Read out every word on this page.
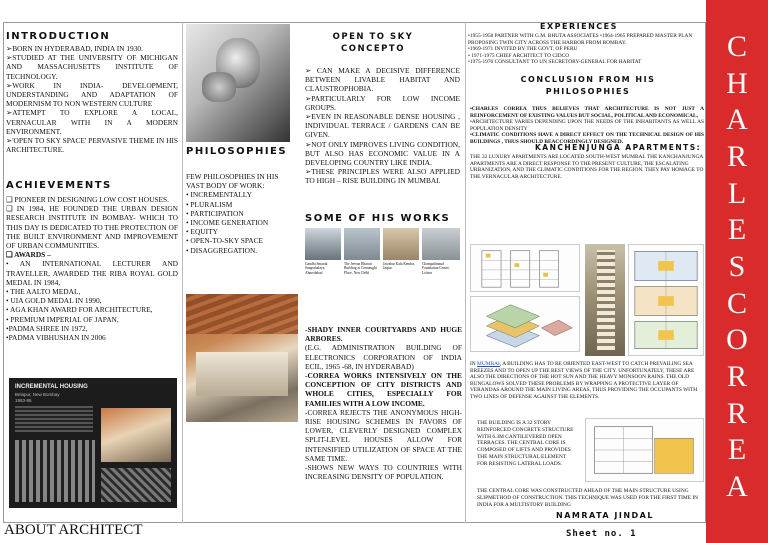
INTRODUCTION
➢BORN IN HYDERABAD, INDIA IN 1930.
➢STUDIED AT THE UNIVERSITY OF MICHIGAN AND MASSACHUSETTS INSTITUTE OF TECHNOLOGY.
➢WORK IN INDIA- DEVELOPMENT, UNDERSTANDING AND ADAPTATION OF MODERNISM TO NON WESTERN CULTURE
➢ATTEMPT TO EXPLORE A LOCAL, VERNACULAR WITH IN A MODERN ENVIRONMENT.
➢'OPEN TO SKY SPACE' PERVASIVE THEME IN HIS ARCHITECTURE.
ACHIEVEMENTS
❑ PIONEER IN DESIGNING LOW COST HOUSES.
❑ IN 1984, HE FOUNDED THE URBAN DESIGN RESEARCH INSTITUTE IN BOMBAY- WHICH TO THIS DAY IS DEDICATED TO THE PROTECTION OF THE BUILT ENVIRONMENT AND IMPROVEMENT OF URBAN COMMUNITIES.
❑ AWARDS –
• AN INTERNATIONAL LECTURER AND TRAVELLER, AWARDED THE RIBA ROYAL GOLD MEDAL IN 1984,
• THE AALTO MEDAL,
• UIA GOLD MEDAL IN 1990,
• AGA KHAN AWARD FOR ARCHITECTURE,
• PREMIUM IMPERIAL OF JAPAN,
•PADMA SHREE IN 1972,
•PADMA VIBHUSHAN IN 2006
INCREMENTAL HOUSING
Belapur, New Bombay
1983-86
ABOUT ARCHITECT
PHILOSOPHIES
FEW PHILOSOPHIES IN HIS VAST BODY OF WORK:
• INCREMENTALLY
• PLURALISM
• PARTICIPATION
• INCOME GENERATION
• EQUITY
• OPEN-TO-SKY SPACE
• DISAGGREGATION.
OPEN TO SKY CONCEPTO
➢ CAN MAKE A DECISIVE DIFFERENCE BETWEEN LIVABLE HABITAT AND CLAUSTROPHOBIA.
➢PARTICULARLY FOR LOW INCOME GROUPS.
➢EVEN IN REASONABLE DENSE HOUSING , INDIVIDUAL TERRACE / GARDENS CAN BE GIVEN.
➢NOT ONLY IMPROVES LIVING CONDITION, BUT ALSO HAS ECONOMIC VALUE IN A DEVELOPING COUNTRY LIKE INDIA.
➢THESE PRINCIPLES WERE ALSO APPLIED TO HIGH – RISE BUILDING IN MUMBAI.
SOME OF HIS WORKS
Gandhi Smarak Sangrahalaya, Ahmedabad
The Jeevan Bharati Building at Connaught Place, New Delhi
Jawahar Kala Kendra, Jaipur
Champalimaud Foundation Centre, Lisbon
-SHADY INNER COURTYARDS AND HUGE ARBORES.
(E.G. ADMINISTRATION BUILDING OF ELECTRONICS CORPORATION OF INDIA ECIL, 1965 -68, IN HYDERABAD)
-CORREA WORKS INTENSIVELY ON THE CONCEPTION OF CITY DISTRICTS AND WHOLE CITIES, ESPECIALLY FOR FAMILIES WITH A LOW INCOME.
-CORREA REJECTS THE ANONYMOUS HIGH-RISE HOUSING SCHEMES IN FAVORS OF LOWER, CLEVERLY DESIGNED COMPLEX SPLIT-LEVEL HOUSES ALLOW FOR INTENSIFIED UTILIZATION OF SPACE AT THE SAME TIME.
-SHOWS NEW WAYS TO COUNTRIES WITH INCREASING DENSITY OF POPULATION.
EXPERIENCES
•1955-1958 PARTNER WITH G.M. BHUTA ASSOCIATES •1964-1965 PREPARED MASTER PLAN PROPOSING TWIN CITY ACROSS THE HARBOR FROM BOMBAY.
•1969-1971 INVITED BY THE GOVT. OF PERU
• 1971-1975 CHIEF ARCHITECT TO CIDCO
•1975-1976 CONSULTANT TO UN SECRETORY-GENERAL FOR HABITAT
CONCLUSION FROM HIS PHILOSOPHIES
•CHARLES CORREA THUS BELIEVES THAT ARCHITECTURE IS NOT JUST A REINFORCEMENT OF EXISTING VALUES BUT SOCIAL, POLITICAL AND ECONOMICAL,
•ARCHITECTURE VARIES DEPENDING UPON THE NEEDS OF THE INHABITANTS AS WELL AS POPULATION DENSITY
•CLIMATIC CONDITIONS HAVE A DIRECT EFFECT ON THE TECHNICAL DESIGN OF HIS BUILDINGS , THUS SHOULD BEACCORDINGLY DESIGNED.
KANCHENJUNGA APARTMENTS:
THE 32 LUXURY APARTMENTS ARE LOCATED SOUTH-WEST MUMBAI. THE KANCHANJUNGA APARTMENTS ARE A DIRECT RESPONSE TO THE PRESENT CULTURE, THE ESCALATING URBANIZATION, AND THE CLIMATIC CONDITIONS FOR THE REGION. THEY PAY HOMAGE TO THE VERNACULAR ARCHITECTURE.
IN MUMBAI, A BUILDING HAS TO BE ORIENTED EAST-WEST TO CATCH PREVAILING SEA BREEZES AND TO OPEN UP THE BEST VIEWS OF THE CITY. UNFORTUNATELY, THESE ARE ALSO THE DIRECTIONS OF THE HOT SUN AND THE HEAVY MONSOON RAINS. THE OLD BUNGALOWS SOLVED THESE PROBLEMS BY WRAPPING A PROTECTIVE LAYER OF VERANDAS AROUND THE MAIN LIVING AREAS, THUS PROVIDING THE OCCUPANTS WITH TWO LINES OF DEFENSE AGAINST THE ELEMENTS.
THE BUILDING IS A 32 STORY REINFORCED CONCRETE STRUCTURE WITH 6.3M CANTILEVERED OPEN TERRACES. THE CENTRAL CORE IS COMPOSED OF LIFTS AND PROVIDES THE MAIN STRUCTURAL ELEMENT FOR RESISTING LATERAL LOADS.
THE CENTRAL CORE WAS CONSTRUCTED AHEAD OF THE MAIN STRUCTURE USING SLIPMETHOD OF CONSTRUCTION. THIS TECHNIQUE WAS USED FOR THE FIRST TIME IN INDIA FOR A MULTISTORY BUILDING
NAMRATA JINDAL
Sheet no. 1
C
H
A
R
L
E
S
C
O
R
R
E
A
